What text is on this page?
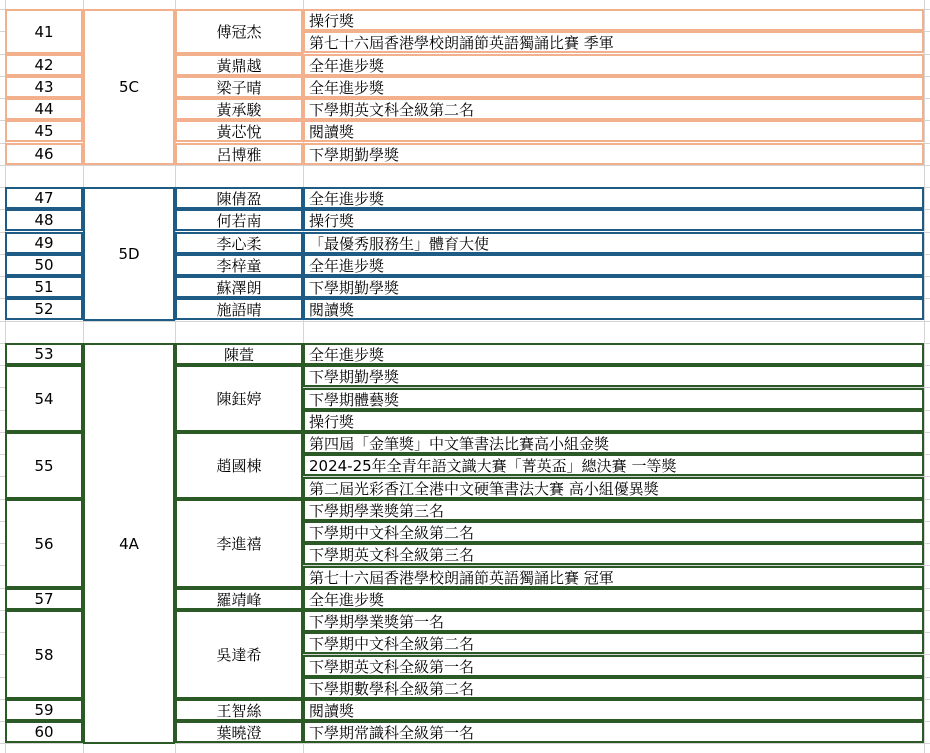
5C
41	傅冠杰
操行獎
第七十六屆香港學校朗誦節英語獨誦比賽 季軍
42	黃鼎越	全年進步獎
43	梁子晴	全年進步獎
44	黃承駿	下學期英文科全級第二名
45	黃芯悅	閱讀獎
46	呂博雅	下學期勤學獎
5D
47	陳倩盈	全年進步獎
48	何若南	操行獎
49	李心柔	「最優秀服務生」體育大使
50	李梓童	全年進步獎
51	蘇澤朗	下學期勤學獎
52	施語晴	閱讀獎
4A
53	陳萱	全年進步獎
54	陳鈺婷
下學期勤學獎
下學期體藝獎
操行獎
55	趙國棟
第四屆「金筆獎」中文筆書法比賽高小組金獎
2024-25年全青年語文識大賽「菁英盃」總決賽 一等獎
第二屆光彩香江全港中文硬筆書法大賽 高小組優異獎
56	李進禧
下學期學業獎第三名
下學期中文科全級第二名
下學期英文科全級第三名
第七十六屆香港學校朗誦節英語獨誦比賽 冠軍
57	羅靖峰	全年進步獎
58	吳達希
下學期學業獎第一名
下學期中文科全級第二名
下學期英文科全級第一名
下學期數學科全級第二名
59	王智絲	閱讀獎
60	葉曉澄	下學期常識科全級第一名
